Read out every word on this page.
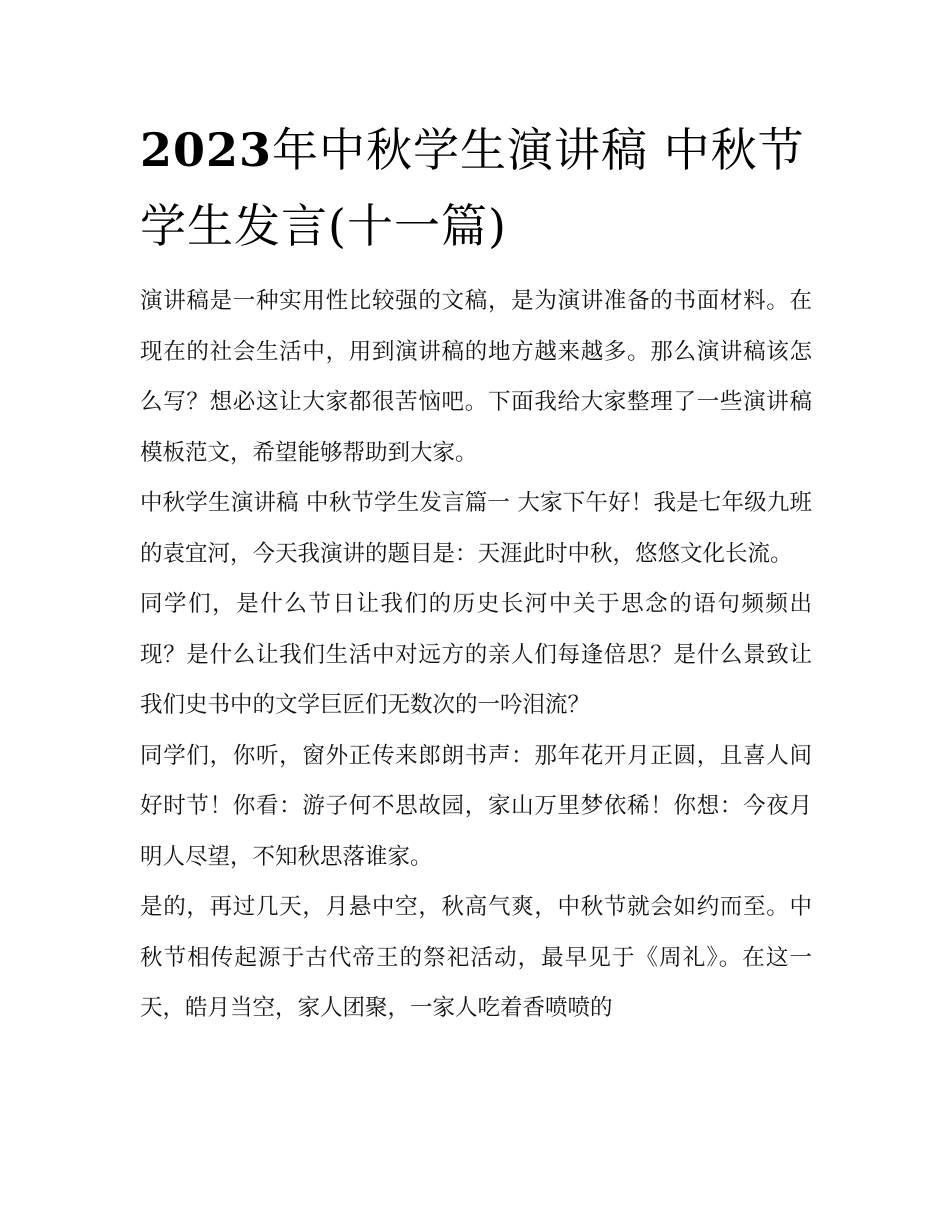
2023年中秋学生演讲稿 中秋节学生发言(十一篇)

演讲稿是一种实用性比较强的文稿，是为演讲准备的书面材料。在现在的社会生活中，用到演讲稿的地方越来越多。那么演讲稿该怎么写？想必这让大家都很苦恼吧。下面我给大家整理了一些演讲稿模板范文，希望能够帮助到大家。

中秋学生演讲稿 中秋节学生发言篇一 大家下午好！我是七年级九班的袁宜河，今天我演讲的题目是：天涯此时中秋，悠悠文化长流。

同学们，是什么节日让我们的历史长河中关于思念的语句频频出现？是什么让我们生活中对远方的亲人们每逢倍思？是什么景致让我们史书中的文学巨匠们无数次的一吟泪流？

同学们，你听，窗外正传来郎朗书声：那年花开月正圆，且喜人间好时节！你看：游子何不思故园，家山万里梦依稀！你想：今夜月明人尽望，不知秋思落谁家。

是的，再过几天，月悬中空，秋高气爽，中秋节就会如约而至。中秋节相传起源于古代帝王的祭祀活动，最早见于《周礼》。在这一天，皓月当空，家人团聚，一家人吃着香喷喷的
